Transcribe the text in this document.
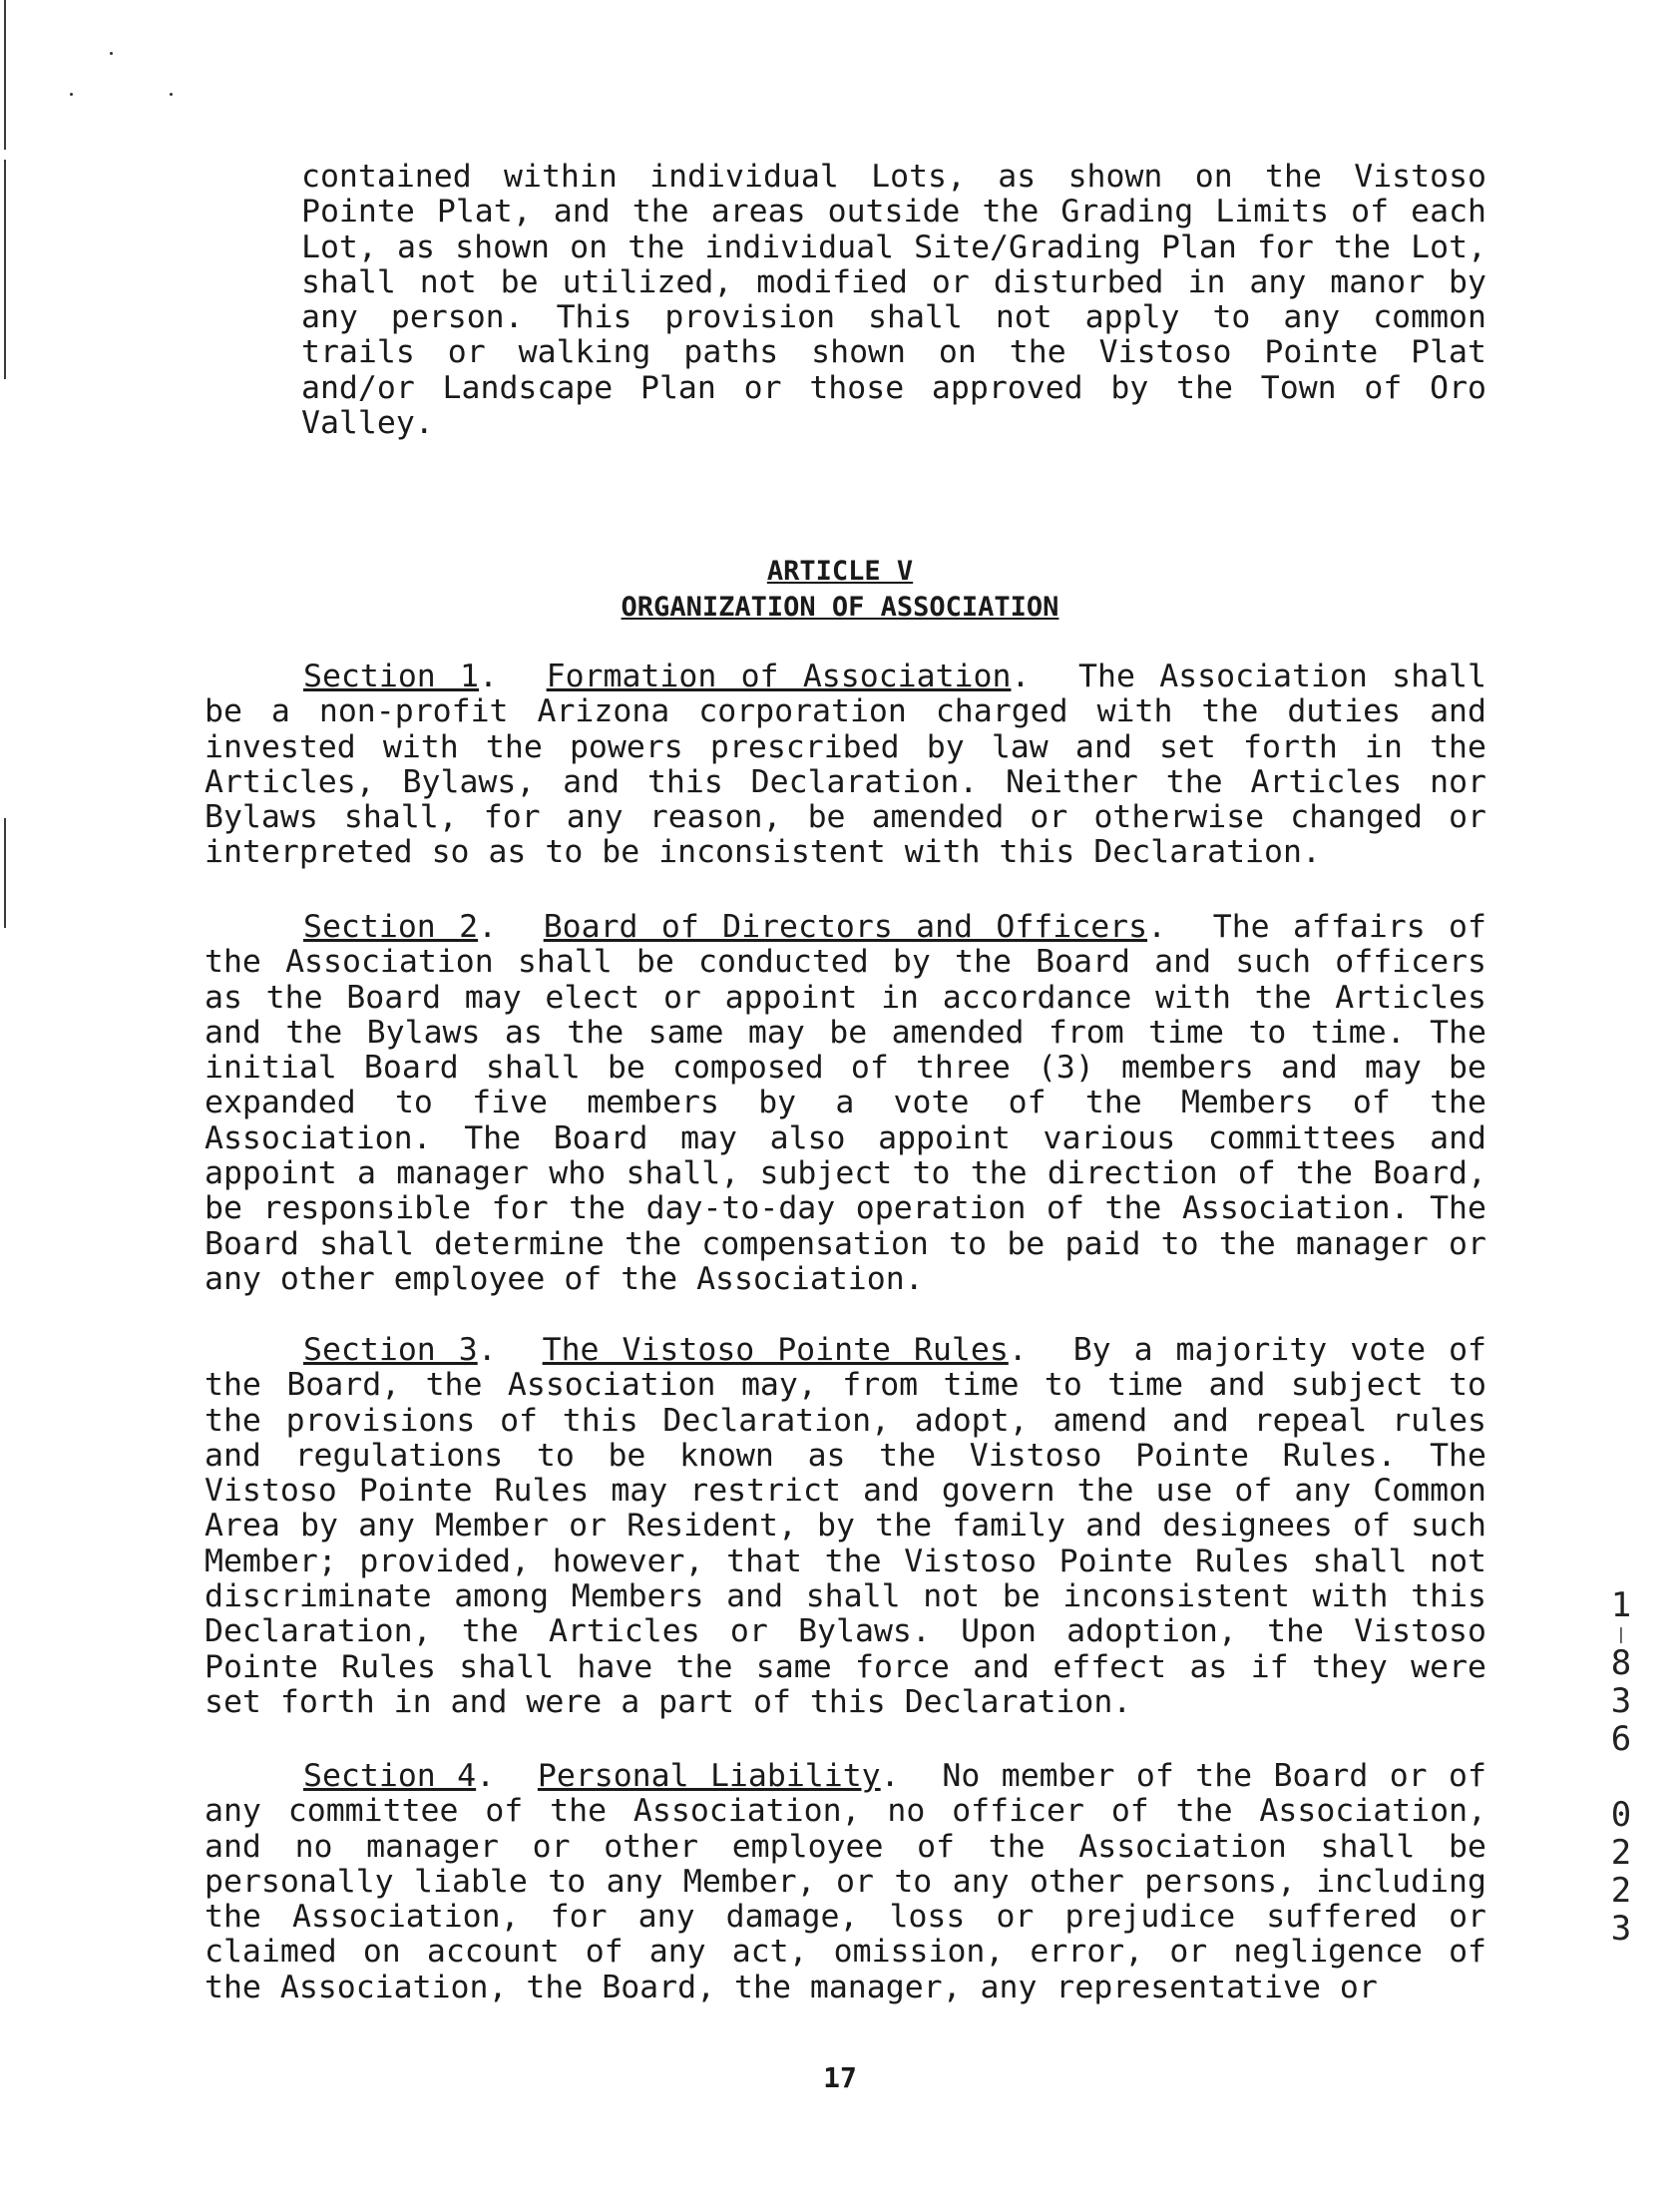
contained within individual Lots, as shown on the Vistoso Pointe Plat, and the areas outside the Grading Limits of each Lot, as shown on the individual Site/Grading Plan for the Lot, shall not be utilized, modified or disturbed in any manor by any person. This provision shall not apply to any common trails or walking paths shown on the Vistoso Pointe Plat and/or Landscape Plan or those approved by the Town of Oro Valley.
ARTICLE V
ORGANIZATION OF ASSOCIATION
Section 1.  Formation of Association.  The Association shall be a non-profit Arizona corporation charged with the duties and invested with the powers prescribed by law and set forth in the Articles, Bylaws, and this Declaration. Neither the Articles nor Bylaws shall, for any reason, be amended or otherwise changed or interpreted so as to be inconsistent with this Declaration.
Section 2.  Board of Directors and Officers.  The affairs of the Association shall be conducted by the Board and such officers as the Board may elect or appoint in accordance with the Articles and the Bylaws as the same may be amended from time to time. The initial Board shall be composed of three (3) members and may be expanded to five members by a vote of the Members of the Association. The Board may also appoint various committees and appoint a manager who shall, subject to the direction of the Board, be responsible for the day-to-day operation of the Association. The Board shall determine the compensation to be paid to the manager or any other employee of the Association.
Section 3.  The Vistoso Pointe Rules.  By a majority vote of the Board, the Association may, from time to time and subject to the provisions of this Declaration, adopt, amend and repeal rules and regulations to be known as the Vistoso Pointe Rules. The Vistoso Pointe Rules may restrict and govern the use of any Common Area by any Member or Resident, by the family and designees of such Member; provided, however, that the Vistoso Pointe Rules shall not discriminate among Members and shall not be inconsistent with this Declaration, the Articles or Bylaws. Upon adoption, the Vistoso Pointe Rules shall have the same force and effect as if they were set forth in and were a part of this Declaration.
Section 4.  Personal Liability.  No member of the Board or of any committee of the Association, no officer of the Association, and no manager or other employee of the Association shall be personally liable to any Member, or to any other persons, including the Association, for any damage, loss or prejudice suffered or claimed on account of any act, omission, error, or negligence of the Association, the Board, the manager, any representative or
1
|
8
3
6
0
2
2
3
17
